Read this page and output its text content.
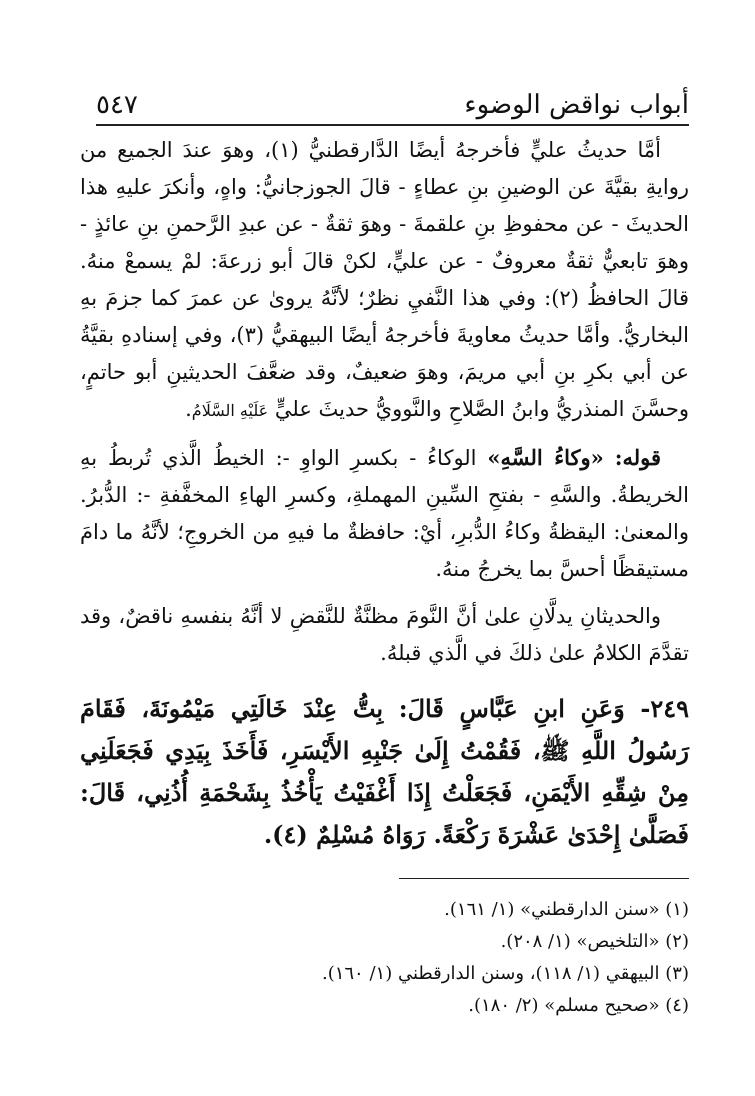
أبواب نواقض الوضوء
٥٤٧

أمَّا حديثُ عليٍّ فأخرجهُ أيضًا الدَّارقطنيُّ (١)، وهوَ عندَ الجميع من روايةِ بقيَّةَ عن الوضينِ بنِ عطاءٍ - قالَ الجوزجانيُّ: واهٍ، وأنكرَ عليهِ هذا الحديثَ - عن محفوظِ بنِ علقمةَ - وهوَ ثقةٌ - عن عبدِ الرَّحمنِ بنِ عائذٍ - وهوَ تابعيٌّ ثقةٌ معروفٌ - عن عليٍّ، لكنْ قالَ أبو زرعةَ: لمْ يسمعْ منهُ. قالَ الحافظُ (٢): وفي هذا النَّفيِ نظرٌ؛ لأنَّهُ يروىٰ عن عمرَ كما جزمَ بهِ البخاريُّ. وأمَّا حديثُ معاويةَ فأخرجهُ أيضًا البيهقيُّ (٣)، وفي إسنادهِ بقيَّةُ عن أبي بكرِ بنِ أبي مريمَ، وهوَ ضعيفٌ، وقد ضعَّفَ الحديثينِ أبو حاتمٍ، وحسَّنَ المنذريُّ وابنُ الصَّلاحِ والنَّوويُّ حديثَ عليٍّ عَلَيْهِ السَّلَامُ.

قوله: «وكاءُ السَّهِ» الوكاءُ - بكسرِ الواوِ -: الخيطُ الَّذي تُربطُ بهِ الخريطةُ. والسَّهِ - بفتحِ السِّينِ المهملةِ، وكسرِ الهاءِ المخفَّفةِ -: الدُّبرُ. والمعنىٰ: اليقظةُ وكاءُ الدُّبرِ، أيْ: حافظةٌ ما فيهِ من الخروجِ؛ لأنَّهُ ما دامَ مستيقظًا أحسَّ بما يخرجُ منهُ.

والحديثانِ يدلَّانِ علىٰ أنَّ النَّومَ مظنَّةٌ للنَّقضِ لا أنَّهُ بنفسهِ ناقضٌ، وقد تقدَّمَ الكلامُ علىٰ ذلكَ في الَّذي قبلهُ.

٢٤٩- وَعَنِ ابنِ عَبَّاسٍ قَالَ: بِتُّ عِنْدَ خَالَتِي مَيْمُونَةَ، فَقَامَ رَسُولُ اللَّهِ ﷺ، فَقُمْتُ إِلَىٰ جَنْبِهِ الأَيْسَرِ، فَأَخَذَ بِيَدِي فَجَعَلَنِي مِنْ شِقِّهِ الأَيْمَنِ، فَجَعَلْتُ إِذَا أَغْفَيْتُ يَأْخُذُ بِشَحْمَةِ أُذُنِي، قَالَ: فَصَلَّىٰ إِحْدَىٰ عَشْرَةَ رَكْعَةً. رَوَاهُ مُسْلِمٌ (٤).

(١) «سنن الدارقطني» (١/ ١٦١).
(٢) «التلخيص» (١/ ٢٠٨).
(٣) البيهقي (١/ ١١٨)، وسنن الدارقطني (١/ ١٦٠).
(٤) «صحيح مسلم» (٢/ ١٨٠).
